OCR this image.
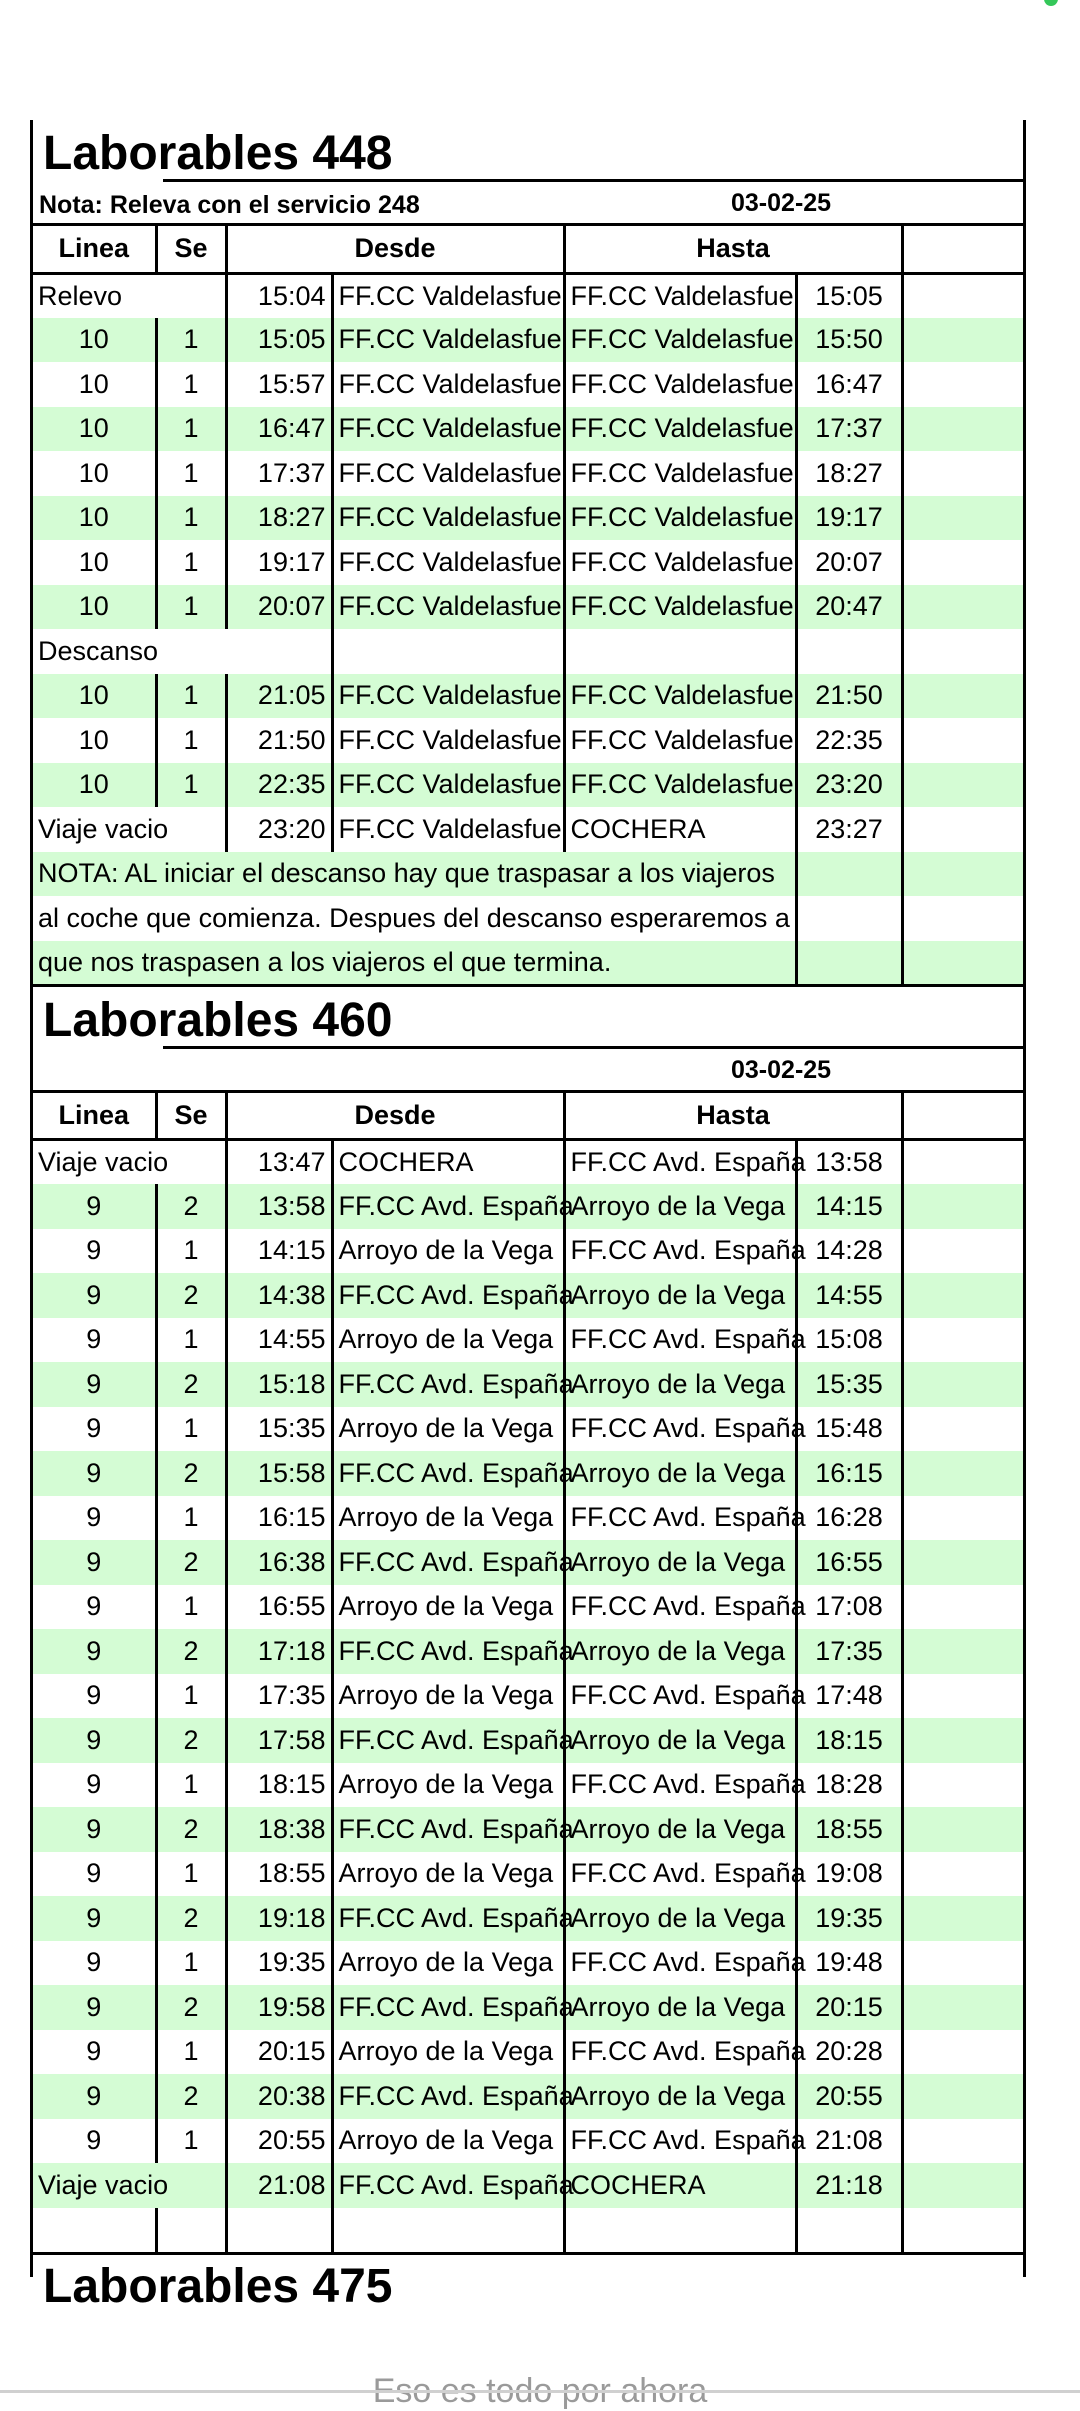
Laborables 448
Nota: Releva con el servicio 248	03-02-25
Linea	Se	Desde		Hasta		
Relevo		15:04	FF.CC Valdelasfue	FF.CC Valdelasfue	15:05	
10	1	15:05	FF.CC Valdelasfue	FF.CC Valdelasfue	15:50	
10	1	15:57	FF.CC Valdelasfue	FF.CC Valdelasfue	16:47	
10	1	16:47	FF.CC Valdelasfue	FF.CC Valdelasfue	17:37	
10	1	17:37	FF.CC Valdelasfue	FF.CC Valdelasfue	18:27	
10	1	18:27	FF.CC Valdelasfue	FF.CC Valdelasfue	19:17	
10	1	19:17	FF.CC Valdelasfue	FF.CC Valdelasfue	20:07	
10	1	20:07	FF.CC Valdelasfue	FF.CC Valdelasfue	20:47	
Descanso						
10	1	21:05	FF.CC Valdelasfue	FF.CC Valdelasfue	21:50	
10	1	21:50	FF.CC Valdelasfue	FF.CC Valdelasfue	22:35	
10	1	22:35	FF.CC Valdelasfue	FF.CC Valdelasfue	23:20	
Viaje vacio		23:20	FF.CC Valdelasfue	COCHERA	23:27	
NOTA: AL iniciar el descanso hay que traspasar a los viajeros						
al coche que comienza. Despues del descanso esperaremos a						
que nos traspasen a los viajeros el que termina.						
Laborables 460
03-02-25
Linea	Se	Desde		Hasta		
Viaje vacio		13:47	COCHERA	FF.CC Avd. España	13:58	
9	2	13:58	FF.CC Avd. España	Arroyo de la Vega	14:15	
9	1	14:15	Arroyo de la Vega	FF.CC Avd. España	14:28	
9	2	14:38	FF.CC Avd. España	Arroyo de la Vega	14:55	
9	1	14:55	Arroyo de la Vega	FF.CC Avd. España	15:08	
9	2	15:18	FF.CC Avd. España	Arroyo de la Vega	15:35	
9	1	15:35	Arroyo de la Vega	FF.CC Avd. España	15:48	
9	2	15:58	FF.CC Avd. España	Arroyo de la Vega	16:15	
9	1	16:15	Arroyo de la Vega	FF.CC Avd. España	16:28	
9	2	16:38	FF.CC Avd. España	Arroyo de la Vega	16:55	
9	1	16:55	Arroyo de la Vega	FF.CC Avd. España	17:08	
9	2	17:18	FF.CC Avd. España	Arroyo de la Vega	17:35	
9	1	17:35	Arroyo de la Vega	FF.CC Avd. España	17:48	
9	2	17:58	FF.CC Avd. España	Arroyo de la Vega	18:15	
9	1	18:15	Arroyo de la Vega	FF.CC Avd. España	18:28	
9	2	18:38	FF.CC Avd. España	Arroyo de la Vega	18:55	
9	1	18:55	Arroyo de la Vega	FF.CC Avd. España	19:08	
9	2	19:18	FF.CC Avd. España	Arroyo de la Vega	19:35	
9	1	19:35	Arroyo de la Vega	FF.CC Avd. España	19:48	
9	2	19:58	FF.CC Avd. España	Arroyo de la Vega	20:15	
9	1	20:15	Arroyo de la Vega	FF.CC Avd. España	20:28	
9	2	20:38	FF.CC Avd. España	Arroyo de la Vega	20:55	
9	1	20:55	Arroyo de la Vega	FF.CC Avd. España	21:08	
Viaje vacio		21:08	FF.CC Avd. España	COCHERA	21:18	

Laborables 475
Eso es todo por ahora
